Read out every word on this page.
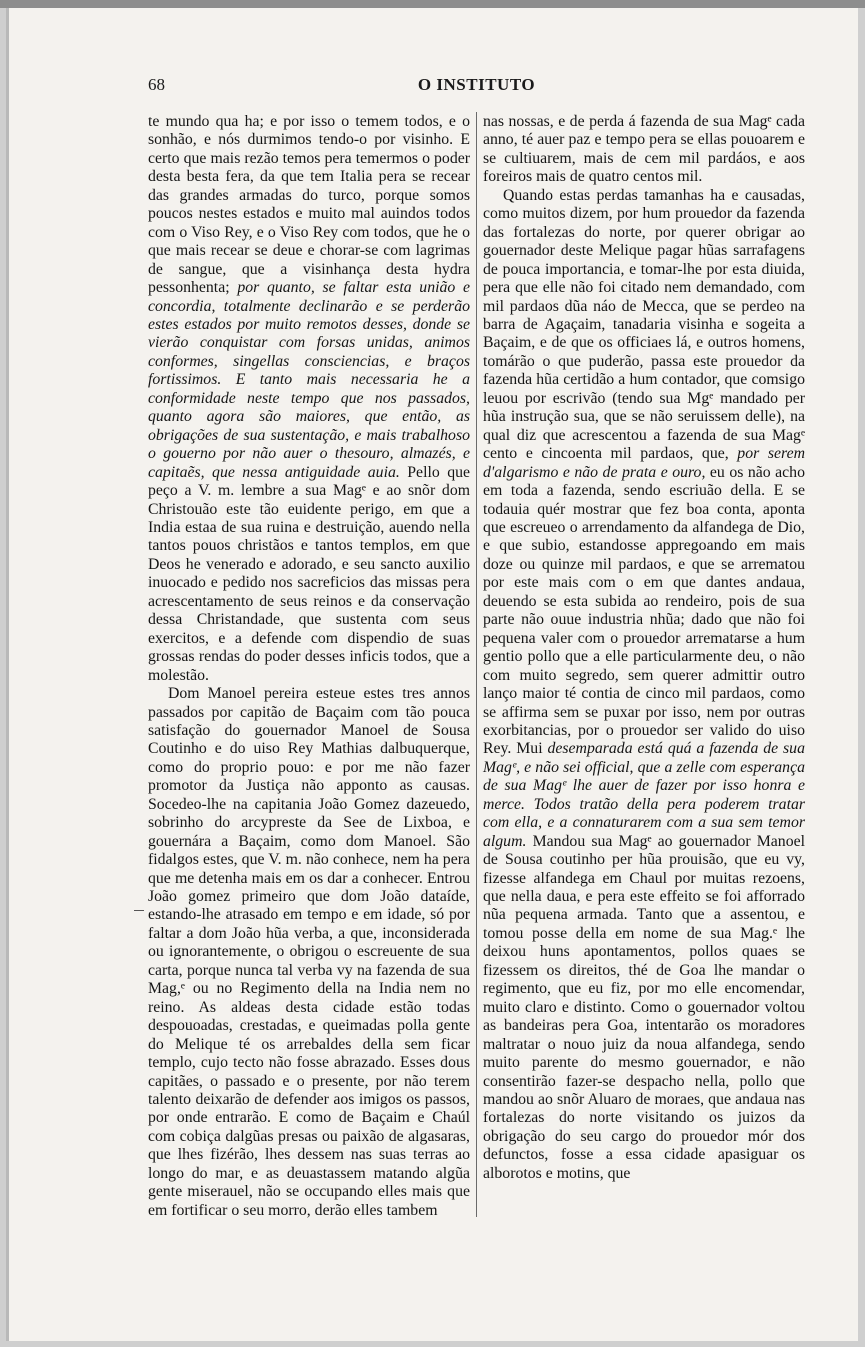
68	O INSTITUTO

te mundo qua ha; e por isso o temem todos, e o sonhão, e nós durmimos tendo-o por visinho. E certo que mais rezão temos pera temermos o poder desta besta fera, da que tem Italia pera se recear das grandes armadas do turco, porque somos poucos nestes estados e muito mal auindos todos com o Viso Rey, e o Viso Rey com todos, que he o que mais recear se deue e chorar-se com lagrimas de sangue, que a visinhança desta hydra pessonhenta; por quanto, se faltar esta união e concordia, totalmente declinarão e se perderão estes estados por muito remotos desses, donde se vierão conquistar com forsas unidas, animos conformes, singellas consciencias, e braços fortissimos. E tanto mais necessaria he a conformidade neste tempo que nos passados, quanto agora são maiores, que então, as obrigações de sua sustentação, e mais trabalhoso o gouerno por não auer o thesouro, almazés, e capitaẽs, que nessa antiguidade auia. Pello que peço a V. m. lembre a sua Magᵉ e ao snõr dom Christouão este tão euidente perigo, em que a India estaa de sua ruina e destruição, auendo nella tantos pouos christãos e tantos templos, em que Deos he venerado e adorado, e seu sancto auxilio inuocado e pedido nos sacreficios das missas pera acrescentamento de seus reinos e da conservação dessa Christandade, que sustenta com seus exercitos, e a defende com dispendio de suas grossas rendas do poder desses inficis todos, que a molestão.

Dom Manoel pereira esteue estes tres annos passados por capitão de Baçaim com tão pouca satisfação do gouernador Manoel de Sousa Coutinho e do uiso Rey Mathias dalbuquerque, como do proprio pouo: e por me não fazer promotor da Justiça não apponto as causas. Socedeo-lhe na capitania João Gomez dazeuedo, sobrinho do arcypreste da See de Lixboa, e gouernára a Baçaim, como dom Manoel. São fidalgos estes, que V. m. não conhece, nem ha pera que me detenha mais em os dar a conhecer. Entrou João gomez primeiro que dom João dataíde, estando-lhe atrasado em tempo e em idade, só por faltar a dom João hũa verba, a que, inconsiderada ou ignorantemente, o obrigou o escreuente de sua carta, porque nunca tal verba vy na fazenda de sua Mag,ᵉ ou no Regimento della na India nem no reino. As aldeas desta cidade estão todas despouoadas, crestadas, e queimadas polla gente do Melique té os arrebaldes della sem ficar templo, cujo tecto não fosse abrazado. Esses dous capitães, o passado e o presente, por não terem talento deixarão de defender aos imigos os passos, por onde entrarão. E como de Baçaim e Chaúl com cobiça dalgũas presas ou paixão de algasaras, que lhes fizérão, lhes dessem nas suas terras ao longo do mar, e as deuastassem matando algũa gente miserauel, não se occupando elles mais que em fortificar o seu morro, derão elles tambem

nas nossas, e de perda á fazenda de sua Magᵉ cada anno, té auer paz e tempo pera se ellas pouoarem e se cultiuarem, mais de cem mil pardáos, e aos foreiros mais de quatro centos mil.

Quando estas perdas tamanhas ha e causadas, como muitos dizem, por hum prouedor da fazenda das fortalezas do norte, por querer obrigar ao gouernador deste Melique pagar hũas sarrafagens de pouca importancia, e tomar-lhe por esta diuida, pera que elle não foi citado nem demandado, com mil pardaos dũa náo de Mecca, que se perdeo na barra de Agaçaim, tanadaria visinha e sogeita a Baçaim, e de que os officiaes lá, e outros homens, tomárão o que puderão, passa este prouedor da fazenda hũa certidão a hum contador, que comsigo leuou por escrivão (tendo sua Mgᵉ mandado per hũa instrução sua, que se não seruissem delle), na qual diz que acrescentou a fazenda de sua Magᵉ cento e cincoenta mil pardaos, que, por serem d'algarismo e não de prata e ouro, eu os não acho em toda a fazenda, sendo escriuão della. E se todauia quér mostrar que fez boa conta, aponta que escreueo o arrendamento da alfandega de Dio, e que subio, estandosse appregoando em mais doze ou quinze mil pardaos, e que se arrematou por este mais com o em que dantes andaua, deuendo se esta subida ao rendeiro, pois de sua parte não ouue industria nhũa; dado que não foi pequena valer com o prouedor arrematarse a hum gentio pollo que a elle particularmente deu, o não com muito segredo, sem querer admittir outro lanço maior té contia de cinco mil pardaos, como se affirma sem se puxar por isso, nem por outras exorbitancias, por o prouedor ser valido do uiso Rey. Mui desemparada está quá a fazenda de sua Magᵉ, e não sei official, que a zelle com esperança de sua Magᵉ lhe auer de fazer por isso honra e merce. Todos tratão della pera poderem tratar com ella, e a connaturarem com a sua sem temor algum. Mandou sua Magᵉ ao gouernador Manoel de Sousa coutinho per hũa prouisão, que eu vy, fizesse alfandega em Chaul por muitas rezoens, que nella daua, e pera este effeito se foi afforrado nũa pequena armada. Tanto que a assentou, e tomou posse della em nome de sua Mag.ᵉ lhe deixou huns apontamentos, pollos quaes se fizessem os direitos, thé de Goa lhe mandar o regimento, que eu fiz, por mo elle encomendar, muito claro e distinto. Como o gouernador voltou as bandeiras pera Goa, intentarão os moradores maltratar o nouo juiz da noua alfandega, sendo muito parente do mesmo gouernador, e não consentirão fazer-se despacho nella, pollo que mandou ao snõr Aluaro de moraes, que andaua nas fortalezas do norte visitando os juizos da obrigação do seu cargo do prouedor mór dos defunctos, fosse a essa cidade apasiguar os alborotos e motins, que
